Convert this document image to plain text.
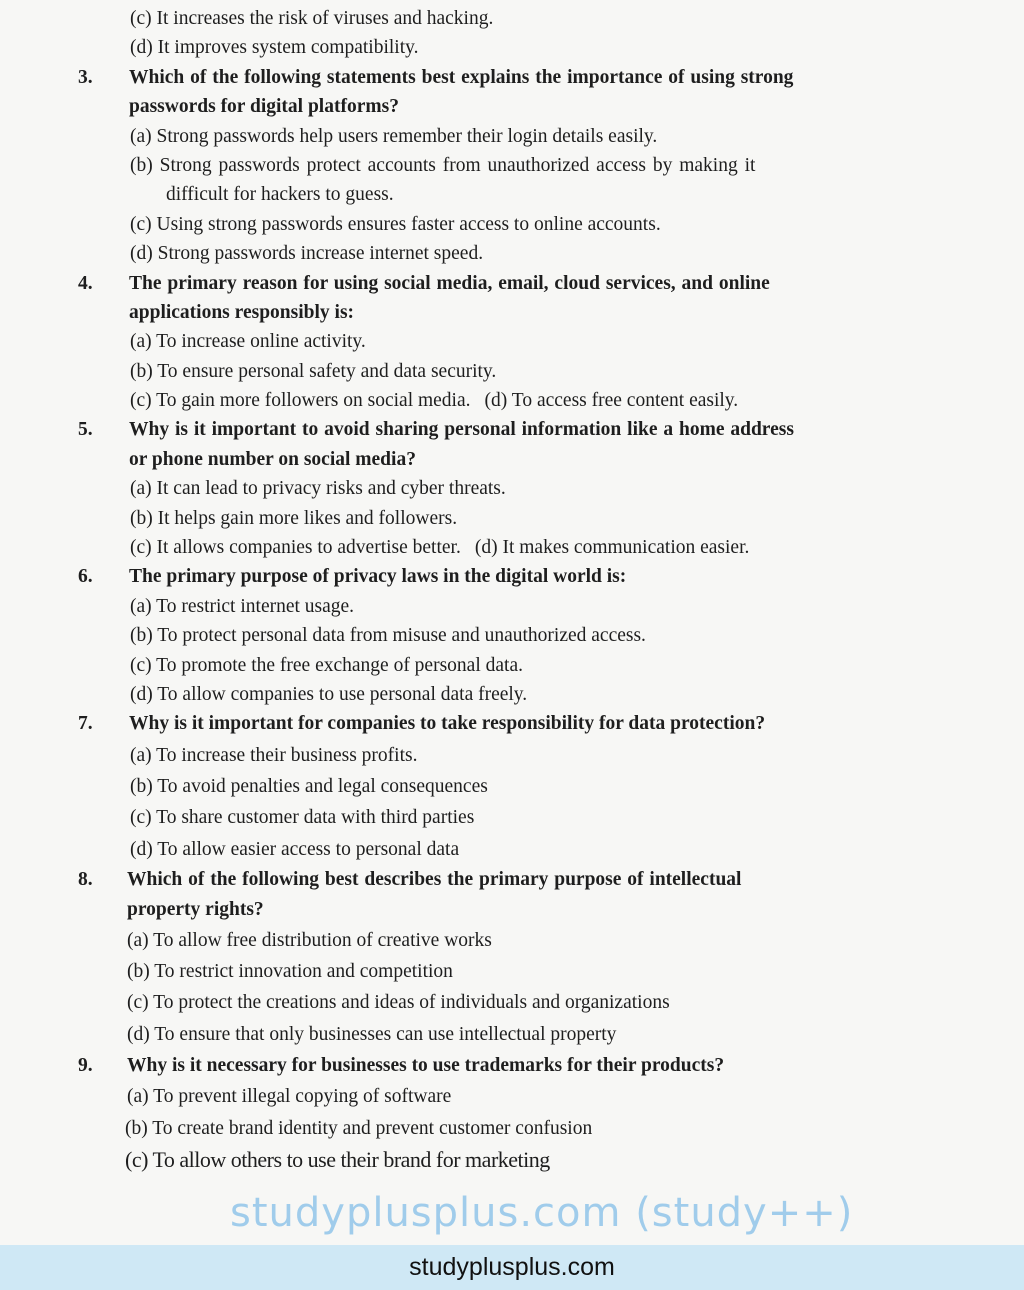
(c) It increases the risk of viruses and hacking.
(d) It improves system compatibility.
3. Which of the following statements best explains the importance of using strong
passwords for digital platforms?
(a) Strong passwords help users remember their login details easily.
(b) Strong passwords protect accounts from unauthorized access by making it
difficult for hackers to guess.
(c) Using strong passwords ensures faster access to online accounts.
(d) Strong passwords increase internet speed.
4. The primary reason for using social media, email, cloud services, and online
applications responsibly is:
(a) To increase online activity.
(b) To ensure personal safety and data security.
(c) To gain more followers on social media. (d) To access free content easily.
5. Why is it important to avoid sharing personal information like a home address
or phone number on social media?
(a) It can lead to privacy risks and cyber threats.
(b) It helps gain more likes and followers.
(c) It allows companies to advertise better. (d) It makes communication easier.
6. The primary purpose of privacy laws in the digital world is:
(a) To restrict internet usage.
(b) To protect personal data from misuse and unauthorized access.
(c) To promote the free exchange of personal data.
(d) To allow companies to use personal data freely.
7. Why is it important for companies to take responsibility for data protection?
(a) To increase their business profits.
(b) To avoid penalties and legal consequences
(c) To share customer data with third parties
(d) To allow easier access to personal data
8. Which of the following best describes the primary purpose of intellectual
property rights?
(a) To allow free distribution of creative works
(b) To restrict innovation and competition
(c) To protect the creations and ideas of individuals and organizations
(d) To ensure that only businesses can use intellectual property
9. Why is it necessary for businesses to use trademarks for their products?
(a) To prevent illegal copying of software
(b) To create brand identity and prevent customer confusion
(c) To allow others to use their brand for marketing
studyplusplus.com (study++)
studyplusplus.com
